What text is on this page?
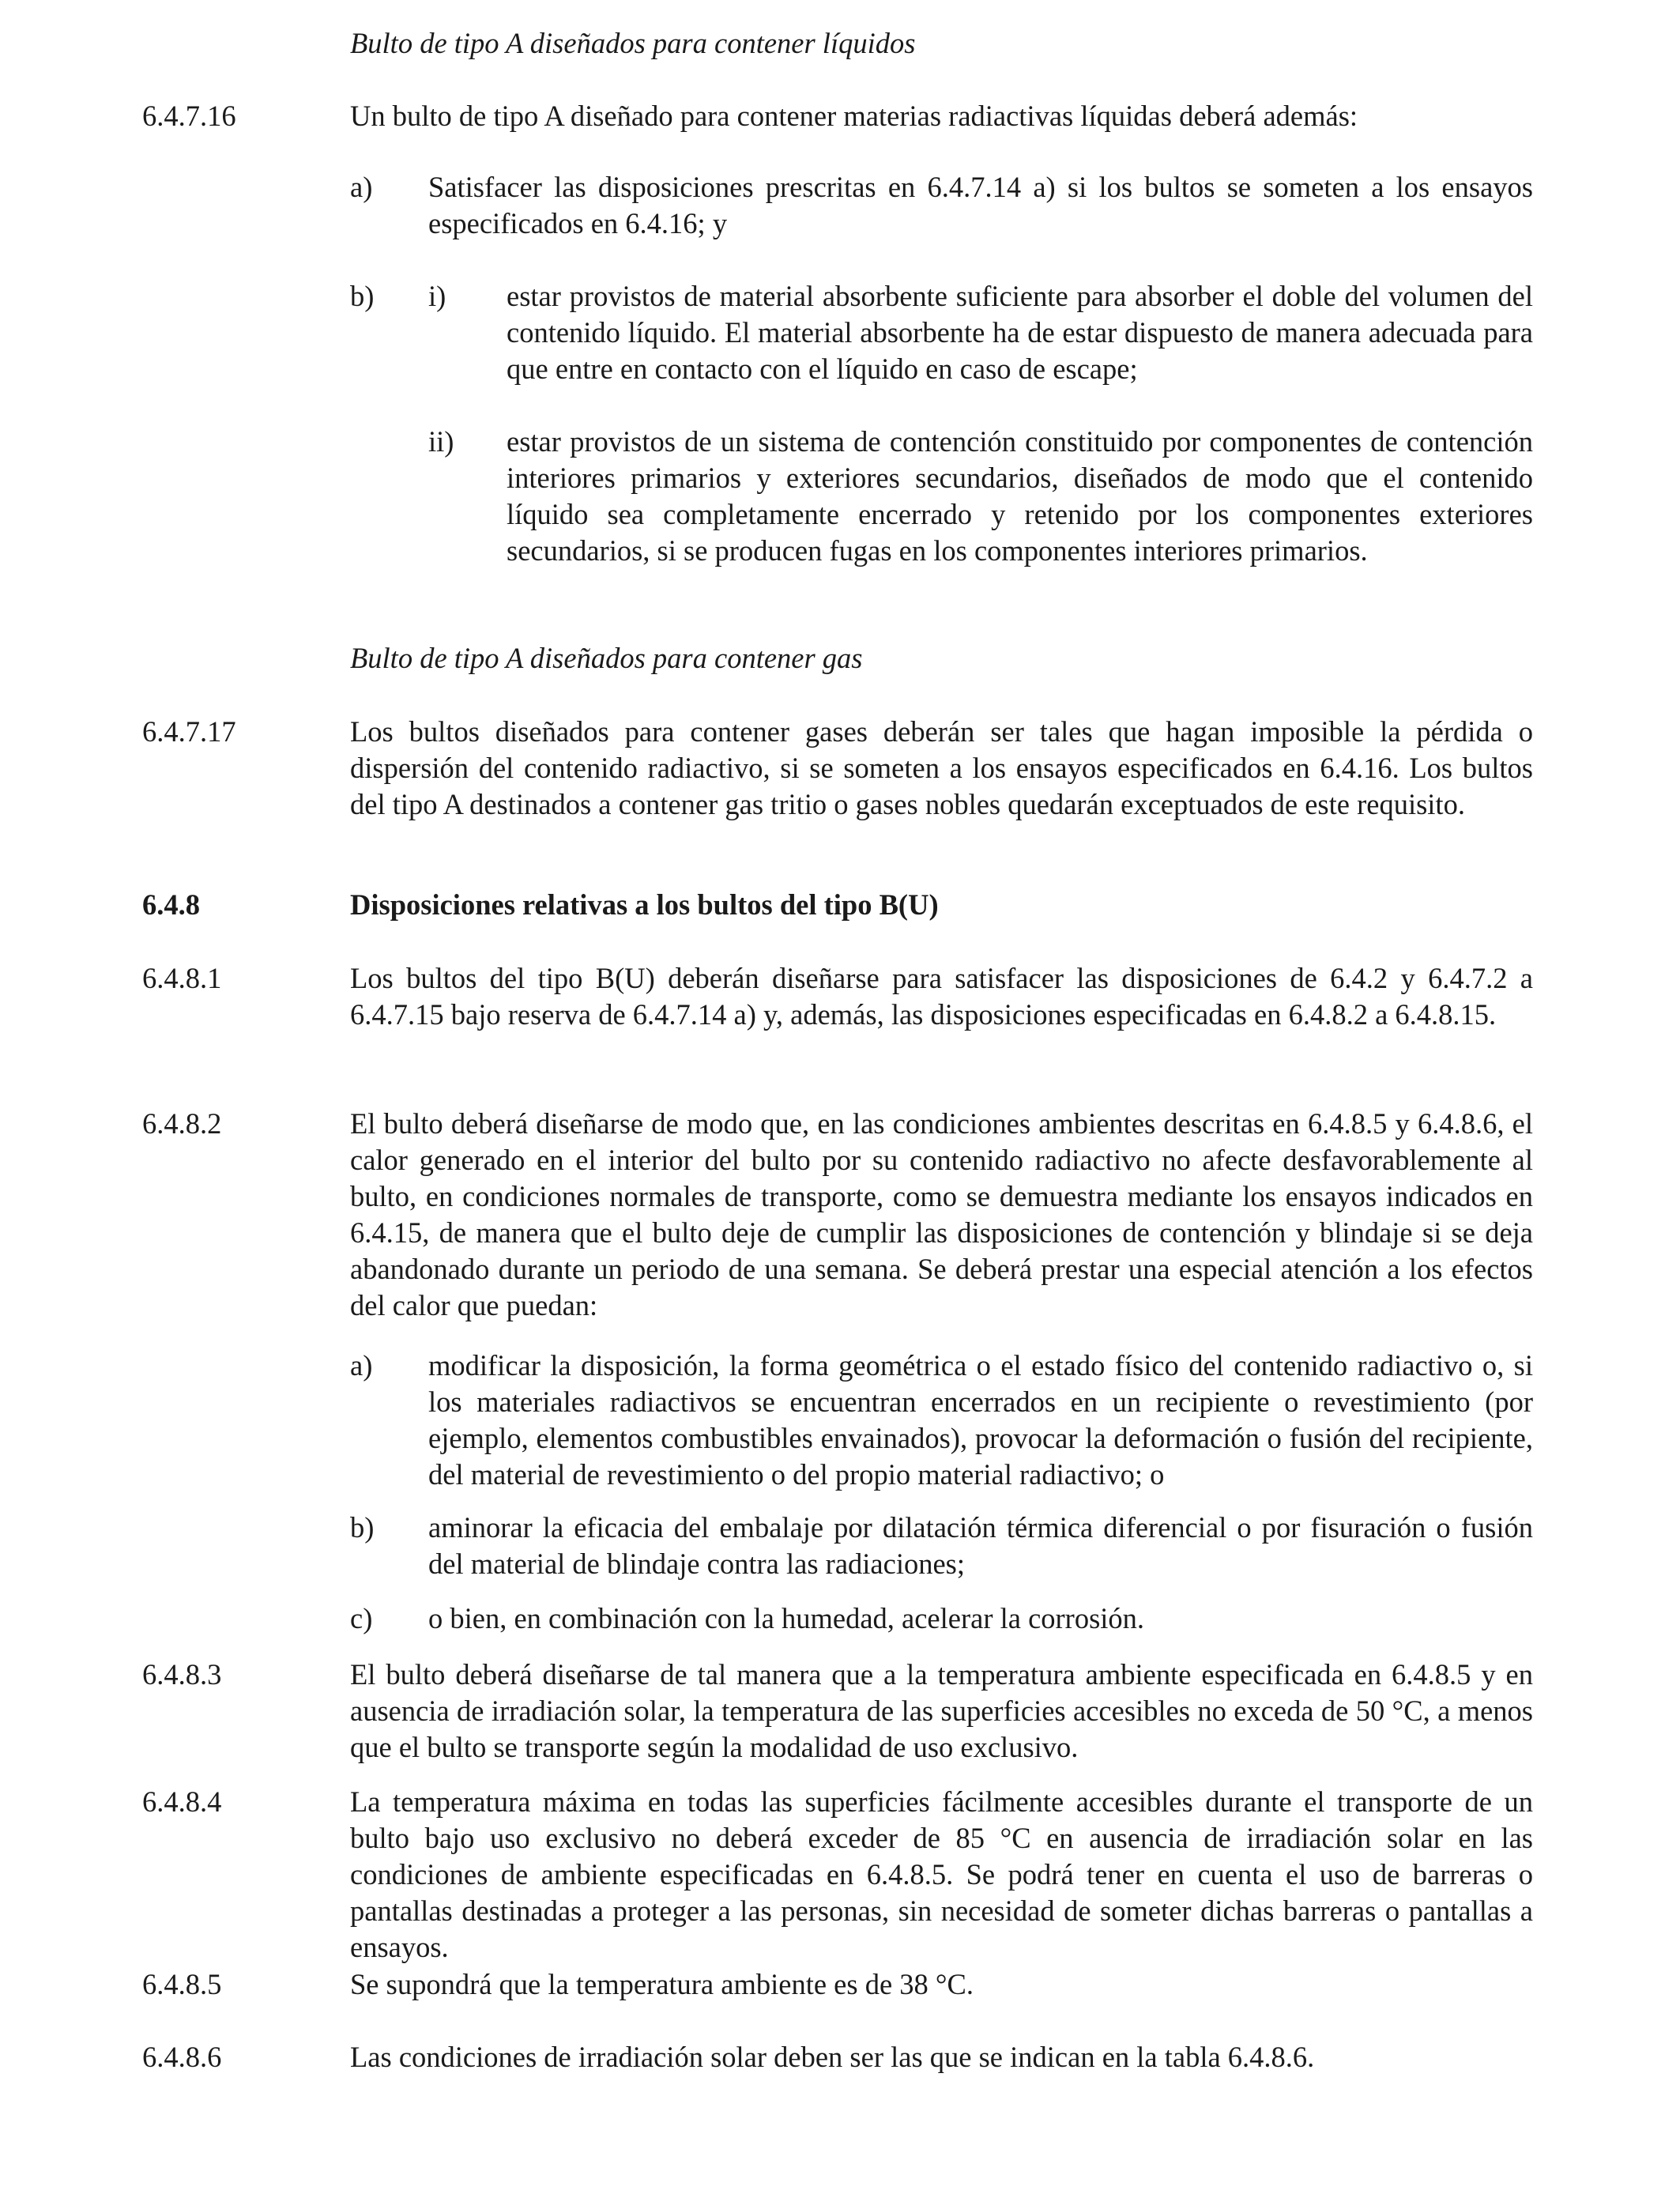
Bulto de tipo A diseñados para contener líquidos
6.4.7.16	Un bulto de tipo A diseñado para contener materias radiactivas líquidas deberá además:
a) Satisfacer las disposiciones prescritas en 6.4.7.14 a) si los bultos se someten a los ensayos especificados en 6.4.16; y
b) i) estar provistos de material absorbente suficiente para absorber el doble del volumen del contenido líquido. El material absorbente ha de estar dispuesto de manera adecuada para que entre en contacto con el líquido en caso de escape;
ii) estar provistos de un sistema de contención constituido por componentes de contención interiores primarios y exteriores secundarios, diseñados de modo que el contenido líquido sea completamente encerrado y retenido por los componentes exteriores secundarios, si se producen fugas en los componentes interiores primarios.
Bulto de tipo A diseñados para contener gas
6.4.7.17	Los bultos diseñados para contener gases deberán ser tales que hagan imposible la pérdida o dispersión del contenido radiactivo, si se someten a los ensayos especificados en 6.4.16. Los bultos del tipo A destinados a contener gas tritio o gases nobles quedarán exceptuados de este requisito.
6.4.8	Disposiciones relativas a los bultos del tipo B(U)
6.4.8.1	Los bultos del tipo B(U) deberán diseñarse para satisfacer las disposiciones de 6.4.2 y 6.4.7.2 a 6.4.7.15 bajo reserva de 6.4.7.14 a) y, además, las disposiciones especificadas en 6.4.8.2 a 6.4.8.15.
6.4.8.2	El bulto deberá diseñarse de modo que, en las condiciones ambientes descritas en 6.4.8.5 y 6.4.8.6, el calor generado en el interior del bulto por su contenido radiactivo no afecte desfavorablemente al bulto, en condiciones normales de transporte, como se demuestra mediante los ensayos indicados en 6.4.15, de manera que el bulto deje de cumplir las disposiciones de contención y blindaje si se deja abandonado durante un periodo de una semana. Se deberá prestar una especial atención a los efectos del calor que puedan:
a) modificar la disposición, la forma geométrica o el estado físico del contenido radiactivo o, si los materiales radiactivos se encuentran encerrados en un recipiente o revestimiento (por ejemplo, elementos combustibles envainados), provocar la deformación o fusión del recipiente, del material de revestimiento o del propio material radiactivo; o
b) aminorar la eficacia del embalaje por dilatación térmica diferencial o por fisuración o fusión del material de blindaje contra las radiaciones;
c) o bien, en combinación con la humedad, acelerar la corrosión.
6.4.8.3	El bulto deberá diseñarse de tal manera que a la temperatura ambiente especificada en 6.4.8.5 y en ausencia de irradiación solar, la temperatura de las superficies accesibles no exceda de 50 °C, a menos que el bulto se transporte según la modalidad de uso exclusivo.
6.4.8.4	La temperatura máxima en todas las superficies fácilmente accesibles durante el transporte de un bulto bajo uso exclusivo no deberá exceder de 85 °C en ausencia de irradiación solar en las condiciones de ambiente especificadas en 6.4.8.5. Se podrá tener en cuenta el uso de barreras o pantallas destinadas a proteger a las personas, sin necesidad de someter dichas barreras o pantallas a ensayos.
6.4.8.5	Se supondrá que la temperatura ambiente es de 38 °C.
6.4.8.6	Las condiciones de irradiación solar deben ser las que se indican en la tabla 6.4.8.6.
